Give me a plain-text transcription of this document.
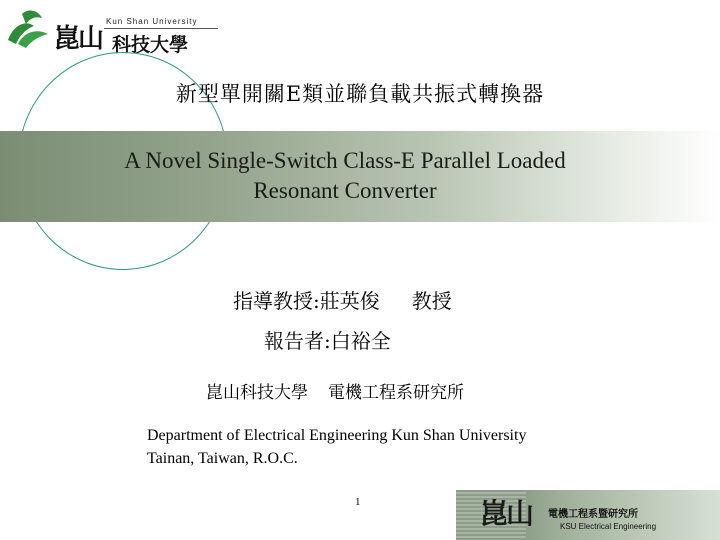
崑山
Kun Shan University
科技大學
新型單開關E類並聯負載共振式轉換器
A Novel Single-Switch Class-E Parallel Loaded
Resonant Converter
指導教授:莊英俊 教授
報告者:白裕全
崑山科技大學 電機工程系研究所
Department of Electrical Engineering Kun Shan University
Tainan, Taiwan, R.O.C.
1	崑山 電機工程系暨研究所
KSU Electrical Engineering
